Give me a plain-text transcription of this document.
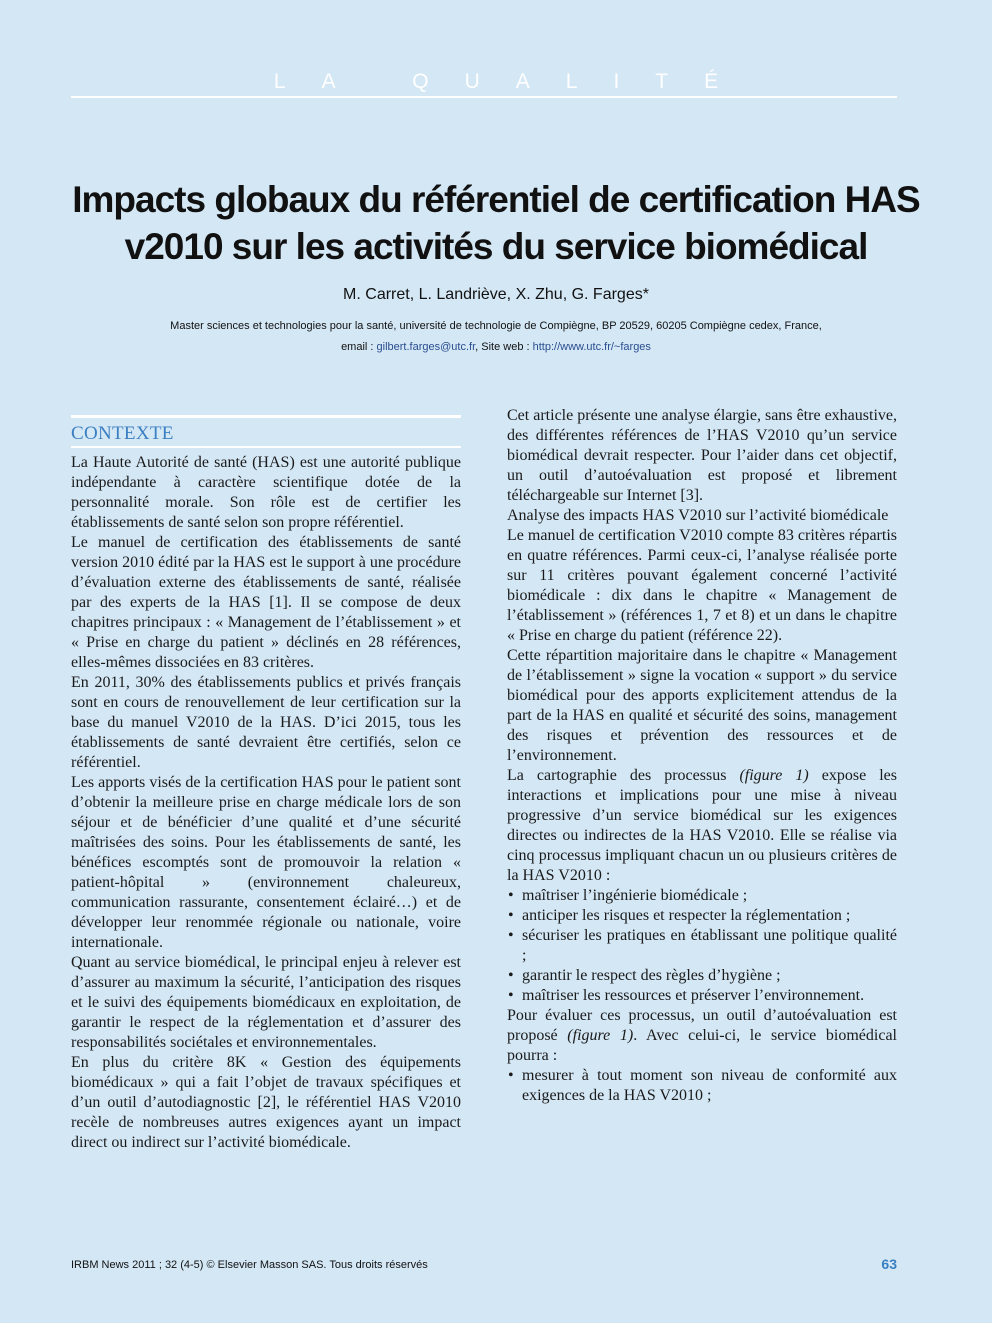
LA QUALITÉ
Impacts globaux du référentiel de certification HAS v2010 sur les activités du service biomédical
M. Carret, L. Landriève, X. Zhu, G. Farges*
Master sciences et technologies pour la santé, université de technologie de Compiègne, BP 20529, 60205 Compiègne cedex, France,
email : gilbert.farges@utc.fr, Site web : http://www.utc.fr/~farges
CONTEXTE

La Haute Autorité de santé (HAS) est une autorité publique indépendante à caractère scientifique dotée de la personnalité morale. Son rôle est de certifier les établissements de santé selon son propre référentiel.

Le manuel de certification des établissements de santé version 2010 édité par la HAS est le support à une procédure d’évaluation externe des établissements de santé, réalisée par des experts de la HAS [1]. Il se compose de deux chapitres principaux : « Management de l’établissement » et « Prise en charge du patient » déclinés en 28 références, elles-mêmes dissociées en 83 critères.

En 2011, 30% des établissements publics et privés français sont en cours de renouvellement de leur certification sur la base du manuel V2010 de la HAS. D’ici 2015, tous les établissements de santé devraient être certifiés, selon ce référentiel.

Les apports visés de la certification HAS pour le patient sont d’obtenir la meilleure prise en charge médicale lors de son séjour et de bénéficier d’une qualité et d’une sécurité maîtrisées des soins. Pour les établissements de santé, les bénéfices escomptés sont de promouvoir la relation « patient-hôpital » (environnement chaleureux, communication rassurante, consentement éclairé…) et de développer leur renommée régionale ou nationale, voire internationale.

Quant au service biomédical, le principal enjeu à relever est d’assurer au maximum la sécurité, l’anticipation des risques et le suivi des équipements biomédicaux en exploitation, de garantir le respect de la réglementation et d’assurer des responsabilités sociétales et environnementales.

En plus du critère 8K « Gestion des équipements biomédicaux » qui a fait l’objet de travaux spécifiques et d’un outil d’autodiagnostic [2], le référentiel HAS V2010 recèle de nombreuses autres exigences ayant un impact direct ou indirect sur l’activité biomédicale.

Cet article présente une analyse élargie, sans être exhaustive, des différentes références de l’HAS V2010 qu’un service biomédical devrait respecter. Pour l’aider dans cet objectif, un outil d’autoévaluation est proposé et librement téléchargeable sur Internet [3].

Analyse des impacts HAS V2010 sur l’activité biomédicale

Le manuel de certification V2010 compte 83 critères répartis en quatre références. Parmi ceux-ci, l’analyse réalisée porte sur 11 critères pouvant également concerné l’activité biomédicale : dix dans le chapitre « Management de l’établissement » (références 1, 7 et 8) et un dans le chapitre « Prise en charge du patient (référence 22).

Cette répartition majoritaire dans le chapitre « Management de l’établissement » signe la vocation « support » du service biomédical pour des apports explicitement attendus de la part de la HAS en qualité et sécurité des soins, management des risques et prévention des ressources et de l’environnement.

La cartographie des processus (figure 1) expose les interactions et implications pour une mise à niveau progressive d’un service biomédical sur les exigences directes ou indirectes de la HAS V2010. Elle se réalise via cinq processus impliquant chacun un ou plusieurs critères de la HAS V2010 :

• maîtriser l’ingénierie biomédicale ;
• anticiper les risques et respecter la réglementation ;
• sécuriser les pratiques en établissant une politique qualité ;
• garantir le respect des règles d’hygiène ;
• maîtriser les ressources et préserver l’environnement.

Pour évaluer ces processus, un outil d’autoévaluation est proposé (figure 1). Avec celui-ci, le service biomédical pourra :

• mesurer à tout moment son niveau de conformité aux exigences de la HAS V2010 ;
IRBM News 2011 ; 32 (4-5) © Elsevier Masson SAS. Tous droits réservés	63
